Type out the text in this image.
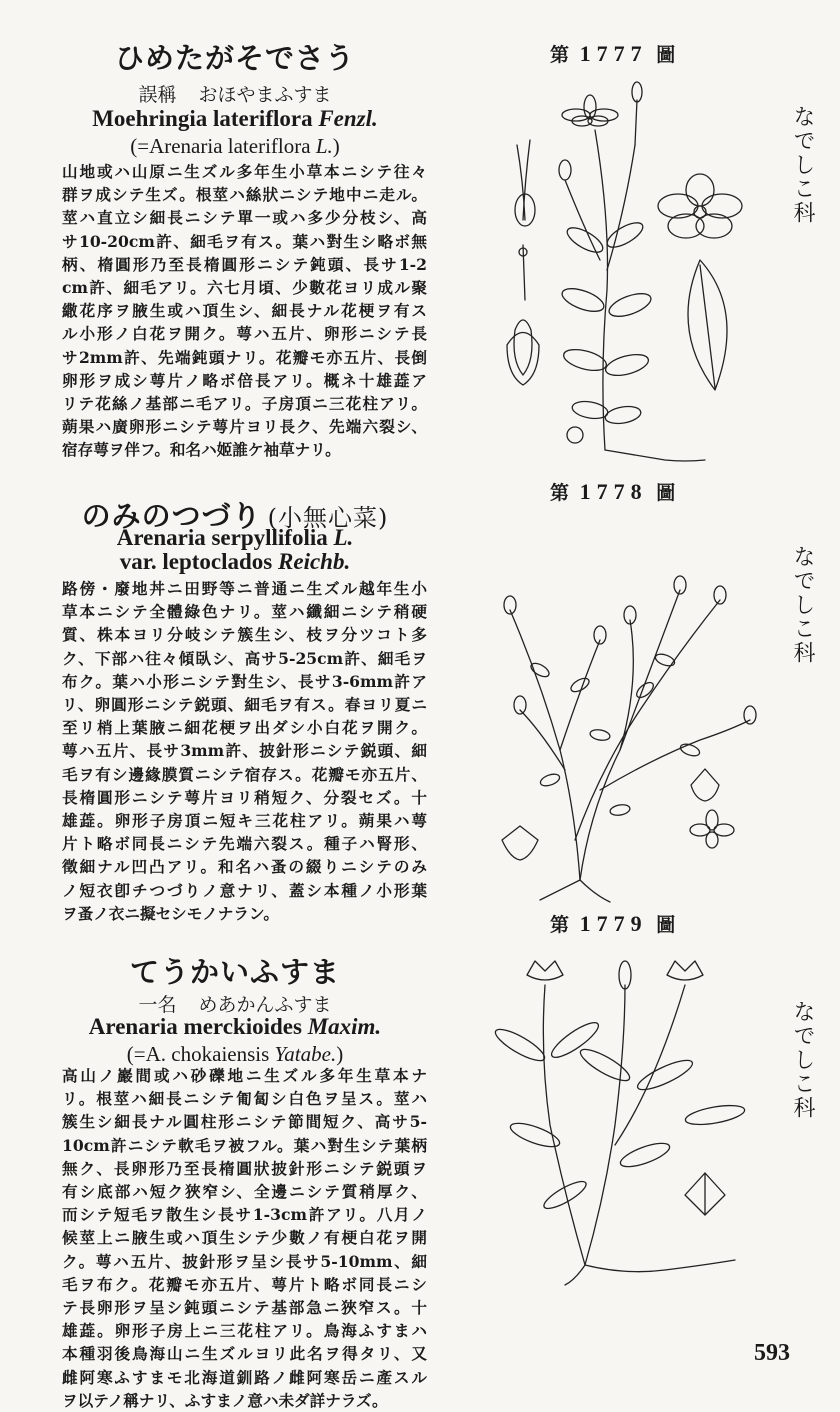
ひめたがそでさう
誤稱 おほやまふすま
Moehringia lateriflora Fenzl.
(=Arenaria lateriflora L.)
山地或ハ山原ニ生ズル多年生小草本ニシテ往々
群ヲ成シテ生ズ。根莖ハ絲狀ニシテ地中ニ走ル。
莖ハ直立シ細長ニシテ單一或ハ多少分枝シ、高
サ10-20cm許、細毛ヲ有ス。葉ハ對生シ略ボ無
柄、楕圓形乃至長楕圓形ニシテ鈍頭、長サ1-2
cm許、細毛アリ。六七月頃、少數花ヨリ成ル聚
繖花序ヲ腋生或ハ頂生シ、細長ナル花梗ヲ有ス
ル小形ノ白花ヲ開ク。萼ハ五片、卵形ニシテ長
サ2mm許、先端鈍頭ナリ。花瓣モ亦五片、長倒
卵形ヲ成シ萼片ノ略ボ倍長アリ。概ネ十雄蕋ア
リテ花絲ノ基部ニ毛アリ。子房頂ニ三花柱アリ。
蒴果ハ廣卵形ニシテ萼片ヨリ長ク、先端六裂シ、
宿存萼ヲ伴フ。和名ハ姬誰ケ袖草ナリ。
第 1777 圖
なでしこ科
のみのつづり (小無心菜)
Arenaria serpyllifolia L.
var. leptoclados Reichb.
路傍・廢地丼ニ田野等ニ普通ニ生ズル越年生小
草本ニシテ全體綠色ナリ。莖ハ纖細ニシテ稍硬
質、株本ヨリ分岐シテ簇生シ、枝ヲ分ツコト多
ク、下部ハ往々傾臥シ、高サ5-25cm許、細毛ヲ
布ク。葉ハ小形ニシテ對生シ、長サ3-6mm許ア
リ、卵圓形ニシテ鋭頭、細毛ヲ有ス。春ヨリ夏ニ
至リ梢上葉腋ニ細花梗ヲ出ダシ小白花ヲ開ク。
萼ハ五片、長サ3mm許、披針形ニシテ鋭頭、細
毛ヲ有シ邊緣膜質ニシテ宿存ス。花瓣モ亦五片、
長楕圓形ニシテ萼片ヨリ稍短ク、分裂セズ。十
雄蕋。卵形子房頂ニ短キ三花柱アリ。蒴果ハ萼
片ト略ボ同長ニシテ先端六裂ス。種子ハ腎形、
徵細ナル凹凸アリ。和名ハ蚤の綴りニシテのみ
ノ短衣卽チつづりノ意ナリ、蓋シ本種ノ小形葉
ヲ蚤ノ衣ニ擬セシモノナラン。
第 1778 圖
なでしこ科
てうかいふすま
一名 めあかんふすま
Arenaria merckioides Maxim.
(=A. chokaiensis Yatabe.)
高山ノ巖間或ハ砂礫地ニ生ズル多年生草本ナ
リ。根莖ハ細長ニシテ匍匐シ白色ヲ呈ス。莖ハ
簇生シ細長ナル圓柱形ニシテ節間短ク、高サ5-
10cm許ニシテ軟毛ヲ被フル。葉ハ對生シテ葉柄
無ク、長卵形乃至長楕圓狀披針形ニシテ鋭頭ヲ
有シ底部ハ短ク狹窄シ、全邊ニシテ質稍厚ク、
而シテ短毛ヲ散生シ長サ1-3cm許アリ。八月ノ
候莖上ニ腋生或ハ頂生シテ少數ノ有梗白花ヲ開
ク。萼ハ五片、披針形ヲ呈シ長サ5-10mm、細
毛ヲ布ク。花瓣モ亦五片、萼片ト略ボ同長ニシ
テ長卵形ヲ呈シ鈍頭ニシテ基部急ニ狹窄ス。十
雄蕋。卵形子房上ニ三花柱アリ。鳥海ふすまハ
本種羽後鳥海山ニ生ズルヨリ此名ヲ得タリ、又
雌阿寒ふすまモ北海道釧路ノ雌阿寒岳ニ產スル
ヲ以テノ稱ナリ、ふすまノ意ハ未ダ詳ナラズ。
第 1779 圖
なでしこ科
593
